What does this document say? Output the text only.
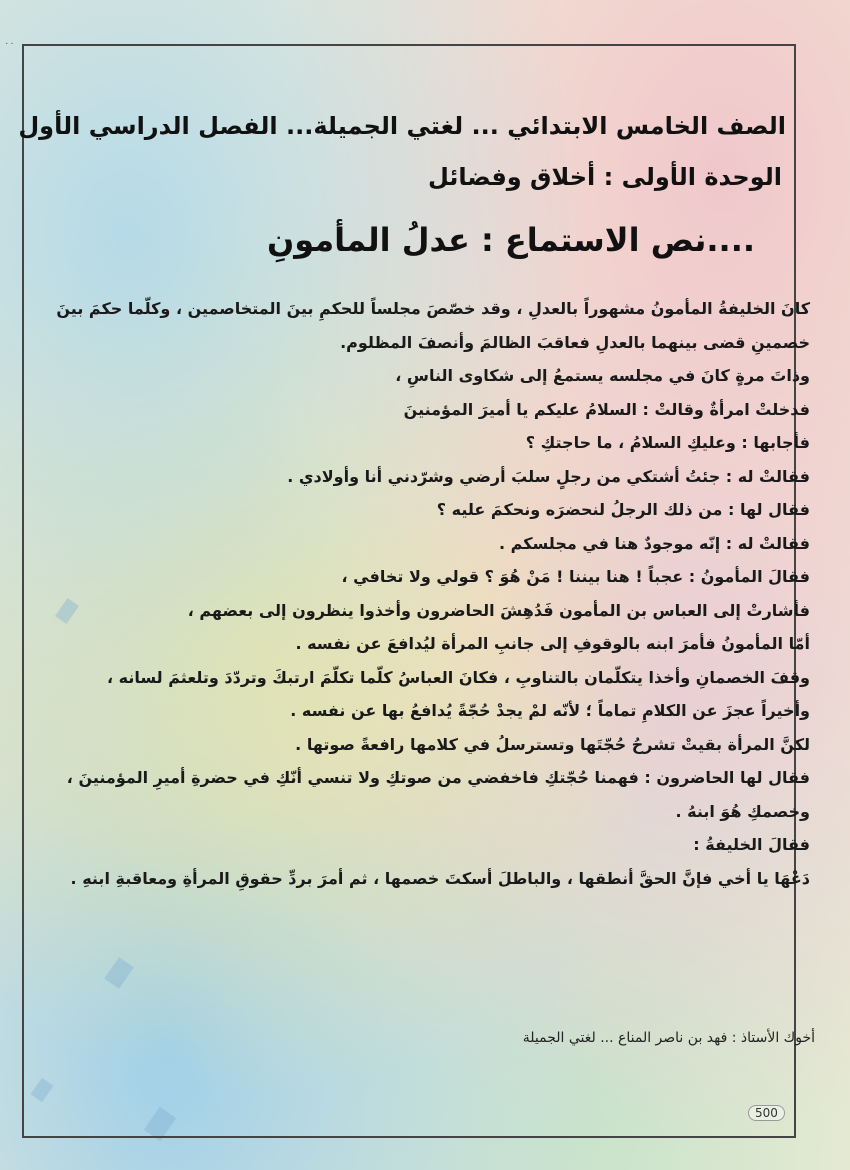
٠٠
الصف الخامس الابتدائي ... لغتي الجميلة... الفصل الدراسي الأول
الوحدة الأولى : أخلاق وفضائل
....نص الاستماع : عدلُ المأمونِ
كانَ الخليفةُ المأمونُ مشهوراً بالعدلِ ، وقد خصّصَ مجلساً للحكمِ بينَ المتخاصمين ، وكلّما حكمَ بينَ
خصمينِ قضى بينهما بالعدلِ فعاقبَ الظالمَ وأنصفَ المظلوم.
وذاتَ مرةٍ كانَ في مجلسه يستمعُ إلى شكاوى الناسِ ،
فدخلتْ امرأةٌ وقالتْ : السلامُ عليكم يا أميرَ المؤمنينَ
فأجابها : وعليكِ السلامُ ، ما حاجتكِ ؟
فقالتْ له : جئتُ أشتكي من رجلٍ سلبَ أرضي وشرّدني أنا وأولادي .
فقال لها : من ذلك الرجلُ لنحضرَه ونحكمَ عليه ؟
فقالتْ له : إنّه موجودٌ هنا في مجلسكم .
فقالَ المأمونُ : عجباً ! هنا بيننا ! مَنْ هُوَ ؟ قولي ولا تخافي ،
فأشارتْ إلى العباس بن المأمون فَدُهِشَ الحاضرون وأخذوا ينظرون إلى بعضهم ،
أمّا المأمونُ فأمرَ ابنه بالوقوفِ إلى جانبِ المرأة ليُدافعَ عن نفسه .
وقفَ الخصمانِ وأخذا يتكلّمان بالتناوبِ ، فكانَ العباسُ كلّما تكلّمَ ارتبكَ وتردّدَ وتلعثمَ لسانه ،
وأخيراً عجزَ عن الكلامِ تماماً ؛ لأنّه لمْ يجدْ حُجّةً يُدافعُ بها عن نفسه .
لكنَّ المرأة بقيتْ تشرحُ حُجّتَها وتسترسلُ في كلامها رافعةً صوتها .
فقال لها الحاضرون : فهمنا حُجّتكِ فاخفضي من صوتكِ ولا تنسي أنّكِ في حضرةِ أميرِ المؤمنينَ ،
وخصمكِ هُوَ ابنهُ .
فقالَ الخليفةُ :
دَعْهَا يا أخي فإنَّ الحقَّ أنطقها ، والباطلَ أسكتَ خصمها ، ثم أمرَ بردِّ حقوقِ المرأةِ ومعاقبةِ ابنهِ .
أخوك الأستاذ : فهد بن ناصر المناع ... لغتي الجميلة
500
